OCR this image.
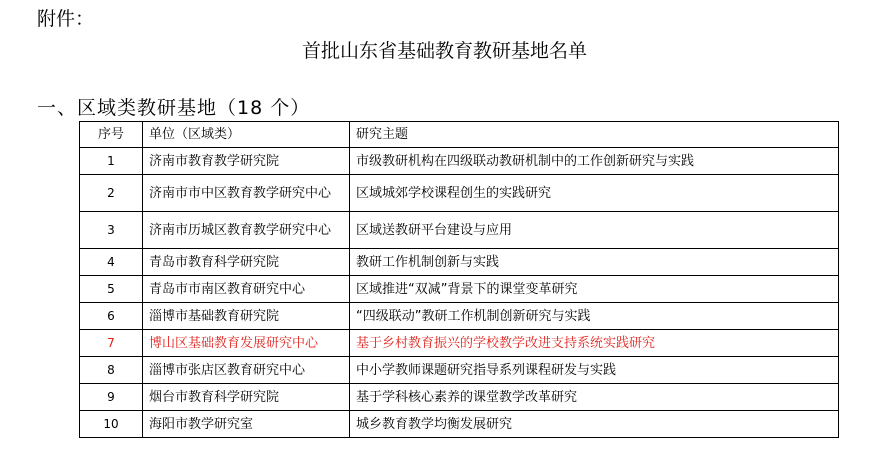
附件：
首批山东省基础教育教研基地名单
一、区域类教研基地（18 个）
序号	单位（区域类）	研究主题
1	济南市教育教学研究院	市级教研机构在四级联动教研机制中的工作创新研究与实践
2	济南市市中区教育教学研究中心	区域城郊学校课程创生的实践研究
3	济南市历城区教育教学研究中心	区域送教研平台建设与应用
4	青岛市教育科学研究院	教研工作机制创新与实践
5	青岛市市南区教育研究中心	区域推进“双减”背景下的课堂变革研究
6	淄博市基础教育研究院	“四级联动”教研工作机制创新研究与实践
7	博山区基础教育发展研究中心	基于乡村教育振兴的学校教学改进支持系统实践研究
8	淄博市张店区教育研究中心	中小学教师课题研究指导系列课程研发与实践
9	烟台市教育科学研究院	基于学科核心素养的课堂教学改革研究
10	海阳市教学研究室	城乡教育教学均衡发展研究
